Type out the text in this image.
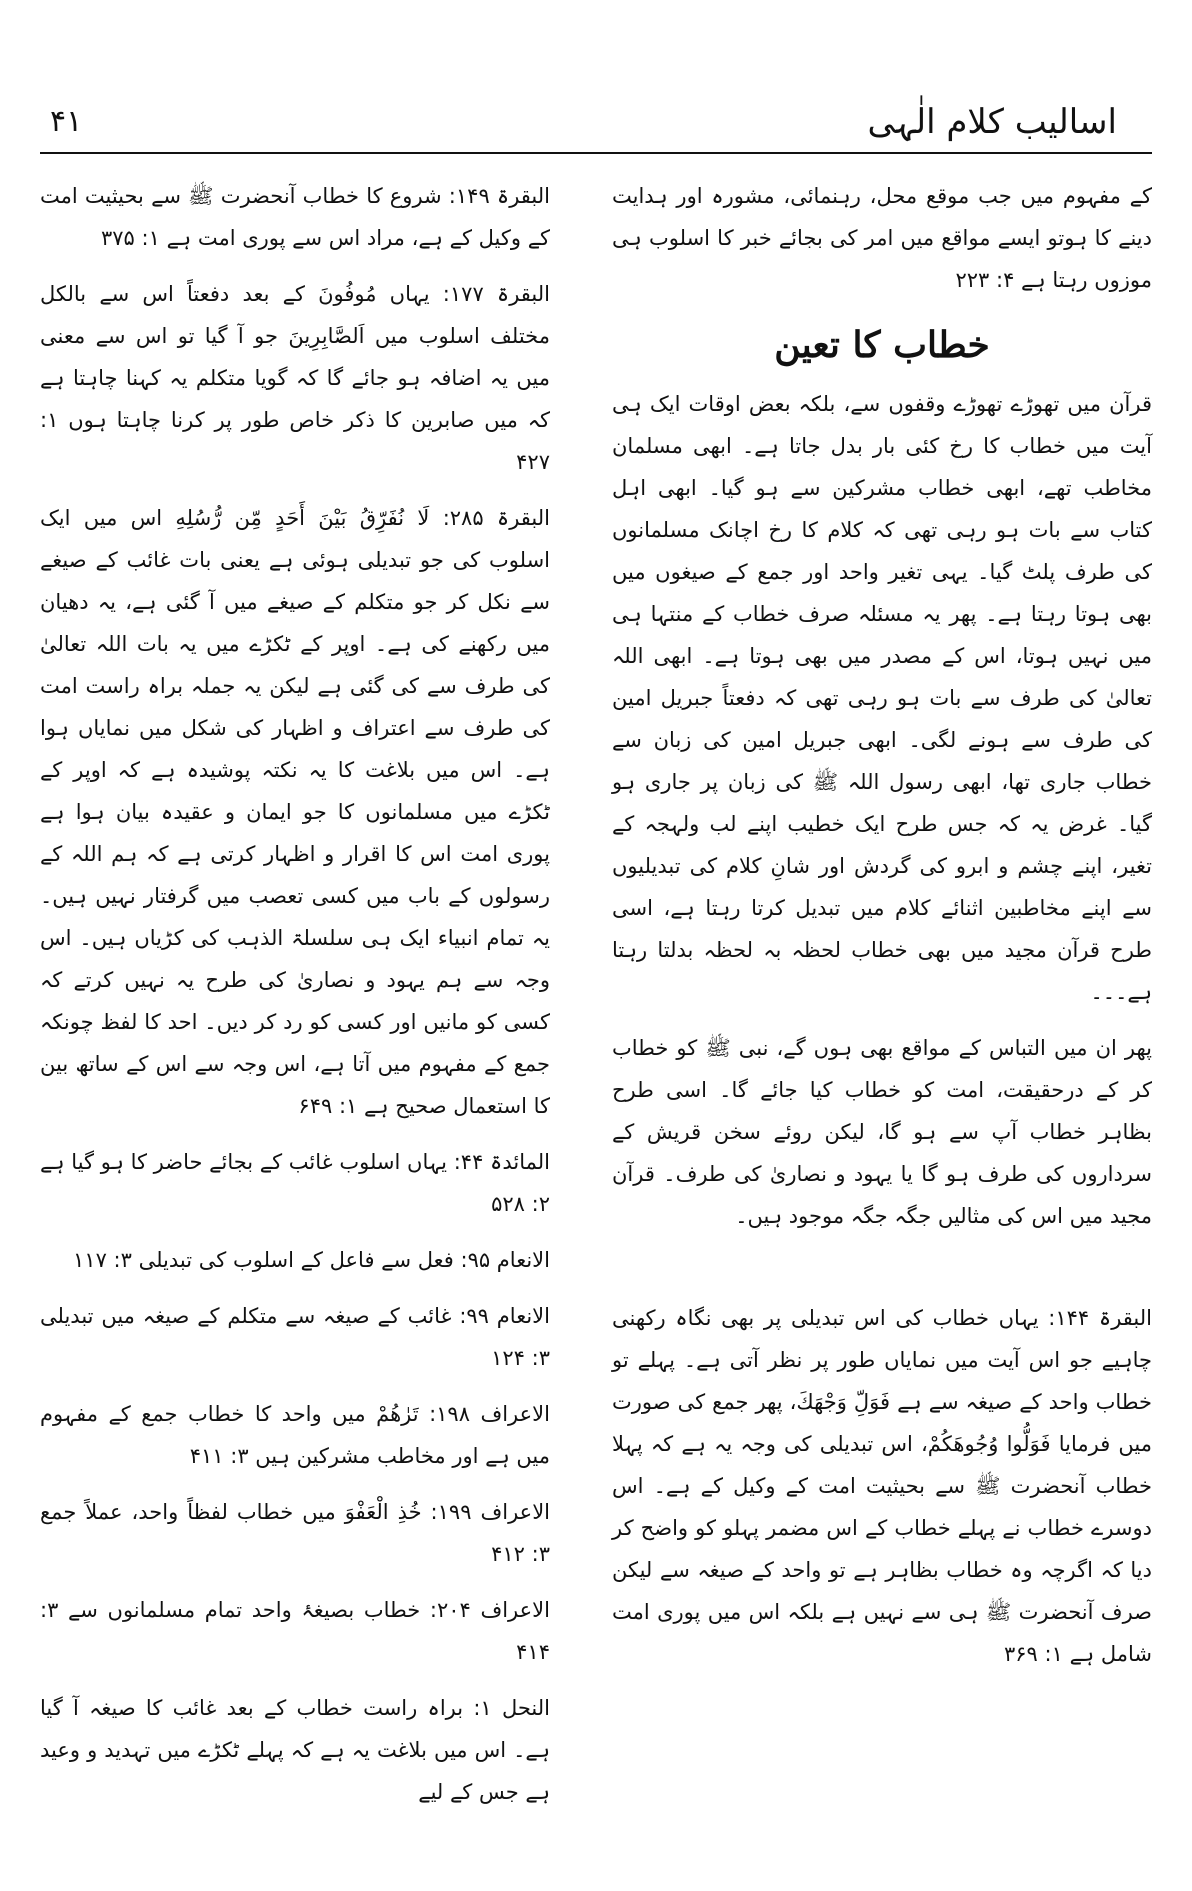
اسالیب کلام الٰہی
۴۱

کے مفہوم میں جب موقع محل، رہنمائی، مشورہ اور ہدایت دینے کا ہوتو ایسے مواقع میں امر کی بجائے خبر کا اسلوب ہی موزوں رہتا ہے ۴: ۲۲۳

خطاب کا تعین

قرآن میں تھوڑے تھوڑے وقفوں سے، بلکہ بعض اوقات ایک ہی آیت میں خطاب کا رخ کئی بار بدل جاتا ہے۔ ابھی مسلمان مخاطب تھے، ابھی خطاب مشرکین سے ہو گیا۔ ابھی اہل کتاب سے بات ہو رہی تھی کہ کلام کا رخ اچانک مسلمانوں کی طرف پلٹ گیا۔ یہی تغیر واحد اور جمع کے صیغوں میں بھی ہوتا رہتا ہے۔ پھر یہ مسئلہ صرف خطاب کے منتہا ہی میں نہیں ہوتا، اس کے مصدر میں بھی ہوتا ہے۔ ابھی اللہ تعالیٰ کی طرف سے بات ہو رہی تھی کہ دفعتاً جبریل امین کی طرف سے ہونے لگی۔ ابھی جبریل امین کی زبان سے خطاب جاری تھا، ابھی رسول اللہ ﷺ کی زبان پر جاری ہو گیا۔ غرض یہ کہ جس طرح ایک خطیب اپنے لب ولہجہ کے تغیر، اپنے چشم و ابرو کی گردش اور شانِ کلام کی تبدیلیوں سے اپنے مخاطبین اثنائے کلام میں تبدیل کرتا رہتا ہے، اسی طرح قرآن مجید میں بھی خطاب لحظہ بہ لحظہ بدلتا رہتا ہے۔۔۔

پھر ان میں التباس کے مواقع بھی ہوں گے، نبی ﷺ کو خطاب کر کے درحقیقت، امت کو خطاب کیا جائے گا۔ اسی طرح بظاہر خطاب آپ سے ہو گا، لیکن روئے سخن قریش کے سرداروں کی طرف ہو گا یا یہود و نصاریٰ کی طرف۔ قرآن مجید میں اس کی مثالیں جگہ جگہ موجود ہیں۔

البقرۃ ۱۴۴: یہاں خطاب کی اس تبدیلی پر بھی نگاہ رکھنی چاہیے جو اس آیت میں نمایاں طور پر نظر آتی ہے۔ پہلے تو خطاب واحد کے صیغہ سے ہے فَوَلِّ وَجْهَكَ، پھر جمع کی صورت میں فرمایا فَوَلُّوا وُجُوهَكُمْ، اس تبدیلی کی وجہ یہ ہے کہ پہلا خطاب آنحضرت ﷺ سے بحیثیت امت کے وکیل کے ہے۔ اس دوسرے خطاب نے پہلے خطاب کے اس مضمر پہلو کو واضح کر دیا کہ اگرچہ وہ خطاب بظاہر ہے تو واحد کے صیغہ سے لیکن صرف آنحضرت ﷺ ہی سے نہیں ہے بلکہ اس میں پوری امت شامل ہے ۱: ۳۶۹

البقرۃ ۱۴۹: شروع کا خطاب آنحضرت ﷺ سے بحیثیت امت کے وکیل کے ہے، مراد اس سے پوری امت ہے ۱: ۳۷۵

البقرۃ ۱۷۷: یہاں مُوفُونَ کے بعد دفعتاً اس سے بالکل مختلف اسلوب میں اَلصَّابِرِینَ جو آ گیا تو اس سے معنی میں یہ اضافہ ہو جائے گا کہ گویا متکلم یہ کہنا چاہتا ہے کہ میں صابرین کا ذکر خاص طور پر کرنا چاہتا ہوں ۱: ۴۲۷

البقرۃ ۲۸۵: لَا نُفَرِّقُ بَيْنَ أَحَدٍ مِّن رُّسُلِهِ اس میں ایک اسلوب کی جو تبدیلی ہوئی ہے یعنی بات غائب کے صیغے سے نکل کر جو متکلم کے صیغے میں آ گئی ہے، یہ دھیان میں رکھنے کی ہے۔ اوپر کے ٹکڑے میں یہ بات اللہ تعالیٰ کی طرف سے کی گئی ہے لیکن یہ جملہ براہ راست امت کی طرف سے اعتراف و اظہار کی شکل میں نمایاں ہوا ہے۔ اس میں بلاغت کا یہ نکتہ پوشیدہ ہے کہ اوپر کے ٹکڑے میں مسلمانوں کا جو ایمان و عقیدہ بیان ہوا ہے پوری امت اس کا اقرار و اظہار کرتی ہے کہ ہم اللہ کے رسولوں کے باب میں کسی تعصب میں گرفتار نہیں ہیں۔ یہ تمام انبیاء ایک ہی سلسلۃ الذہب کی کڑیاں ہیں۔ اس وجہ سے ہم یہود و نصاریٰ کی طرح یہ نہیں کرتے کہ کسی کو مانیں اور کسی کو رد کر دیں۔ احد کا لفظ چونکہ جمع کے مفہوم میں آتا ہے، اس وجہ سے اس کے ساتھ بین کا استعمال صحیح ہے ۱: ۶۴۹

المائدۃ ۴۴: یہاں اسلوب غائب کے بجائے حاضر کا ہو گیا ہے ۲: ۵۲۸

الانعام ۹۵: فعل سے فاعل کے اسلوب کی تبدیلی ۳: ۱۱۷

الانعام ۹۹: غائب کے صیغہ سے متکلم کے صیغہ میں تبدیلی ۳: ۱۲۴

الاعراف ۱۹۸: تَرٰهُمْ میں واحد کا خطاب جمع کے مفہوم میں ہے اور مخاطب مشرکین ہیں ۳: ۴۱۱

الاعراف ۱۹۹: خُذِ الْعَفْوَ میں خطاب لفظاً واحد، عملاً جمع ۳: ۴۱۲

الاعراف ۲۰۴: خطاب بصیغۂ واحد تمام مسلمانوں سے ۳: ۴۱۴

النحل ۱: براہ راست خطاب کے بعد غائب کا صیغہ آ گیا ہے۔ اس میں بلاغت یہ ہے کہ پہلے ٹکڑے میں تہدید و وعید ہے جس کے لیے
